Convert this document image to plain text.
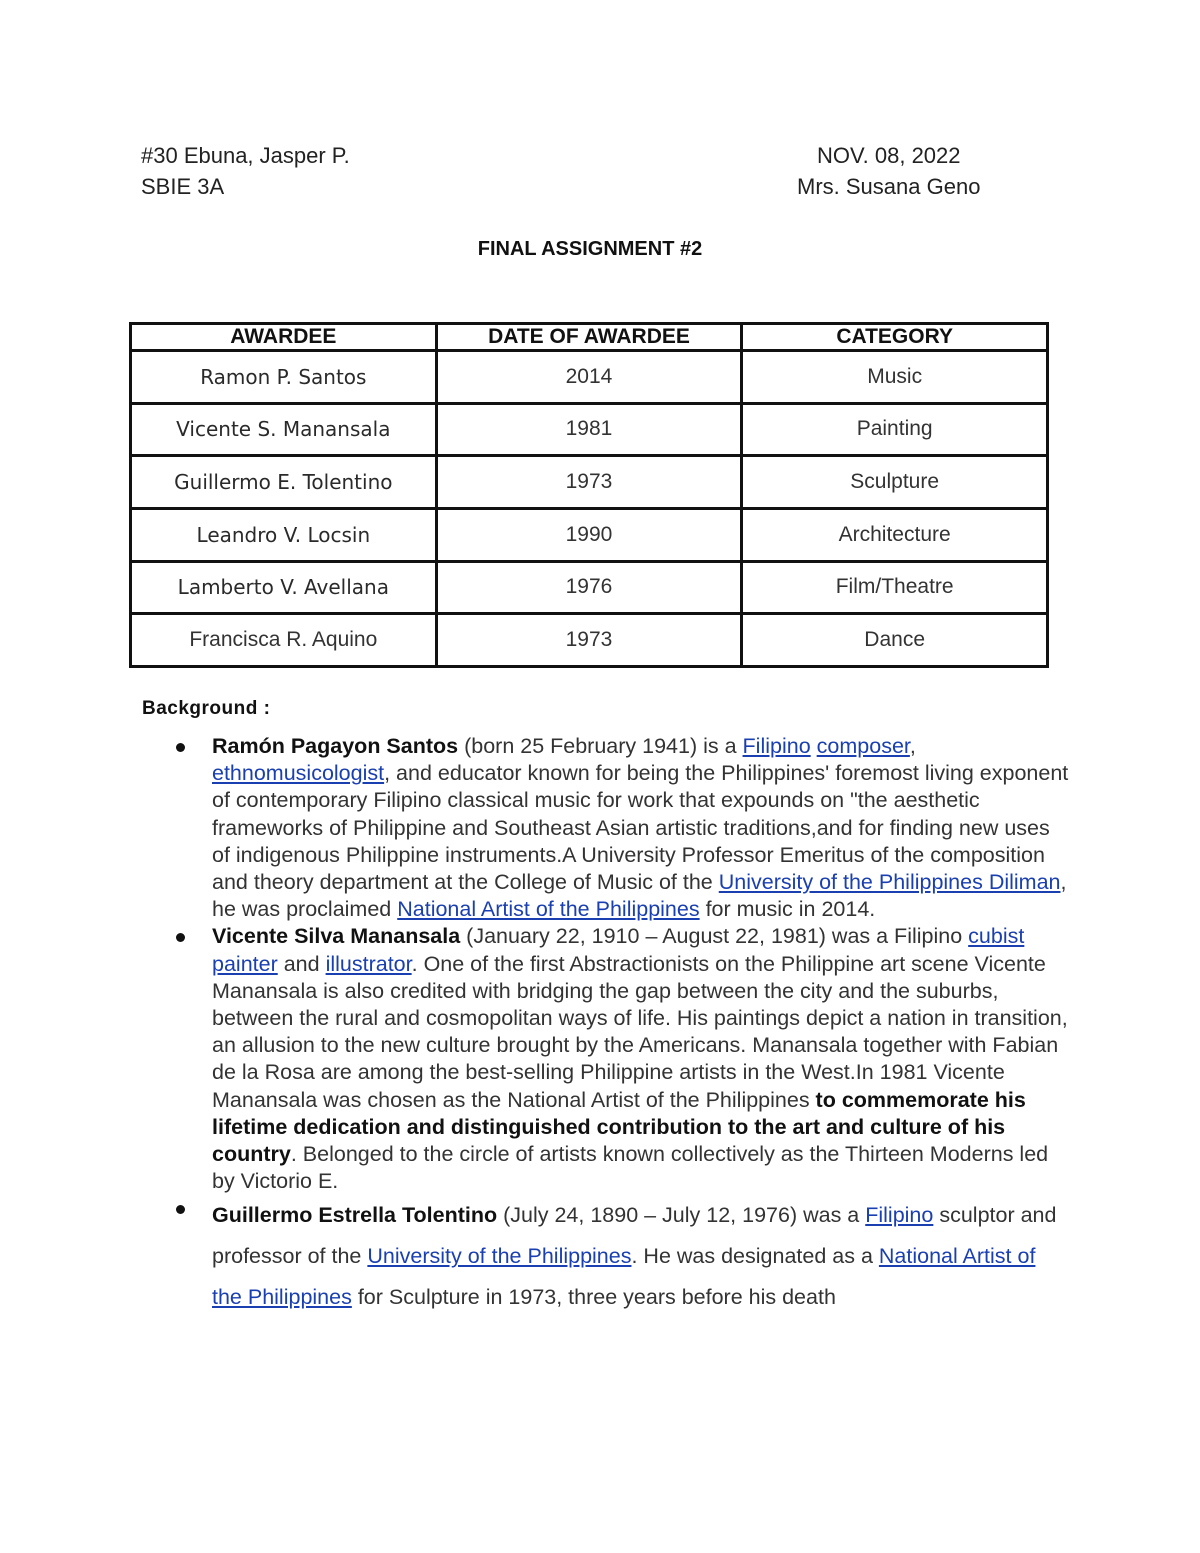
#30 Ebuna, Jasper P.
SBIE 3A
NOV. 08, 2022
Mrs. Susana Geno
FINAL ASSIGNMENT #2
AWARDEE	DATE OF AWARDEE	CATEGORY
Ramon P. Santos	2014	Music
Vicente S. Manansala	1981	Painting
Guillermo E. Tolentino	1973	Sculpture
Leandro V. Locsin	1990	Architecture
Lamberto V. Avellana	1976	Film/Theatre
Francisca R. Aquino	1973	Dance
Background :
Ramón Pagayon Santos (born 25 February 1941) is a Filipino composer, ethnomusicologist, and educator known for being the Philippines' foremost living exponent of contemporary Filipino classical music for work that expounds on "the aesthetic frameworks of Philippine and Southeast Asian artistic traditions,and for finding new uses of indigenous Philippine instruments.A University Professor Emeritus of the composition and theory department at the College of Music of the University of the Philippines Diliman, he was proclaimed National Artist of the Philippines for music in 2014.
Vicente Silva Manansala (January 22, 1910 – August 22, 1981) was a Filipino cubist painter and illustrator. One of the first Abstractionists on the Philippine art scene Vicente Manansala is also credited with bridging the gap between the city and the suburbs, between the rural and cosmopolitan ways of life. His paintings depict a nation in transition, an allusion to the new culture brought by the Americans. Manansala together with Fabian de la Rosa are among the best-selling Philippine artists in the West.In 1981 Vicente Manansala was chosen as the National Artist of the Philippines to commemorate his lifetime dedication and distinguished contribution to the art and culture of his country. Belonged to the circle of artists known collectively as the Thirteen Moderns led by Victorio E.
Guillermo Estrella Tolentino (July 24, 1890 – July 12, 1976) was a Filipino sculptor and professor of the University of the Philippines. He was designated as a National Artist of the Philippines for Sculpture in 1973, three years before his death
